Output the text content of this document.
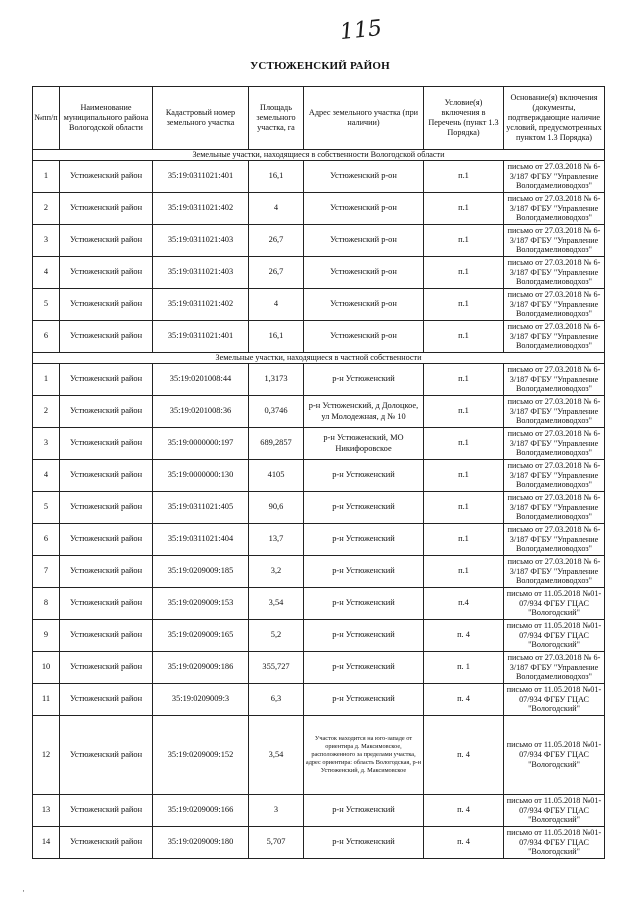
115
УСТЮЖЕНСКИЙ РАЙОН
№пп/п	Наименование муниципального района Вологодской области	Кадастровый номер земельного участка	Площадь земельного участка, га	Адрес земельного участка (при наличии)	Условие(я) включения в Перечень (пункт 1.3 Порядка)	Основание(я) включения (документы, подтверждающие наличие условий, предусмотренных пунктом 1.3 Порядка)
Земельные участки, находящиеся в собственности Вологодской области						
1	Устюженский район	35:19:0311021:401	16,1	Устюженский р-он	п.1	письмо от 27.03.2018 № 6-3/187 ФГБУ "Управление Вологдамелиоводхоз"
2	Устюженский район	35:19:0311021:402	4	Устюженский р-он	п.1	письмо от 27.03.2018 № 6-3/187 ФГБУ "Управление Вологдамелиоводхоз"
3	Устюженский район	35:19:0311021:403	26,7	Устюженский р-он	п.1	письмо от 27.03.2018 № 6-3/187 ФГБУ "Управление Вологдамелиоводхоз"
4	Устюженский район	35:19:0311021:403	26,7	Устюженский р-он	п.1	письмо от 27.03.2018 № 6-3/187 ФГБУ "Управление Вологдамелиоводхоз"
5	Устюженский район	35:19:0311021:402	4	Устюженский р-он	п.1	письмо от 27.03.2018 № 6-3/187 ФГБУ "Управление Вологдамелиоводхоз"
6	Устюженский район	35:19:0311021:401	16,1	Устюженский р-он	п.1	письмо от 27.03.2018 № 6-3/187 ФГБУ "Управление Вологдамелиоводхоз"
Земельные участки, находящиеся в частной собственности						
1	Устюженский район	35:19:0201008:44	1,3173	р-н Устюженский	п.1	письмо от 27.03.2018 № 6-3/187 ФГБУ "Управление Вологдамелиоводхоз"
2	Устюженский район	35:19:0201008:36	0,3746	р-н Устюженский, д Долоцкое, ул Молодежная, д № 10	п.1	письмо от 27.03.2018 № 6-3/187 ФГБУ "Управление Вологдамелиоводхоз"
3	Устюженский район	35:19:0000000:197	689,2857	р-н Устюженский, МО Никифоровское	п.1	письмо от 27.03.2018 № 6-3/187 ФГБУ "Управление Вологдамелиоводхоз"
4	Устюженский район	35:19:0000000:130	4105	р-н Устюженский	п.1	письмо от 27.03.2018 № 6-3/187 ФГБУ "Управление Вологдамелиоводхоз"
5	Устюженский район	35:19:0311021:405	90,6	р-н Устюженский	п.1	письмо от 27.03.2018 № 6-3/187 ФГБУ "Управление Вологдамелиоводхоз"
6	Устюженский район	35:19:0311021:404	13,7	р-н Устюженский	п.1	письмо от 27.03.2018 № 6-3/187 ФГБУ "Управление Вологдамелиоводхоз"
7	Устюженский район	35:19:0209009:185	3,2	р-н Устюженский	п.1	письмо от 27.03.2018 № 6-3/187 ФГБУ "Управление Вологдамелиоводхоз"
8	Устюженский район	35:19:0209009:153	3,54	р-н Устюженский	п.4	письмо от 11.05.2018 №01-07/934 ФГБУ ГЦАС "Вологодский"
9	Устюженский район	35:19:0209009:165	5,2	р-н Устюженский	п. 4	письмо от 11.05.2018 №01-07/934 ФГБУ ГЦАС "Вологодский"
10	Устюженский район	35:19:0209009:186	355,727	р-н Устюженский	п. 1	письмо от 27.03.2018 № 6-3/187 ФГБУ "Управление Вологдамелиоводхоз"
11	Устюженский район	35:19:0209009:3	6,3	р-н Устюженский	п. 4	письмо от 11.05.2018 №01-07/934 ФГБУ ГЦАС "Вологодский"
12	Устюженский район	35:19:0209009:152	3,54	Участок находится на юго-западе от ориентира д. Максимовское, расположенного за пределами участка, адрес ориентира: область Вологодская, р-н Устюженский, д. Максимовское	п. 4	письмо от 11.05.2018 №01-07/934 ФГБУ ГЦАС "Вологодский"
13	Устюженский район	35:19:0209009:166	3	р-н Устюженский	п. 4	письмо от 11.05.2018 №01-07/934 ФГБУ ГЦАС "Вологодский"
14	Устюженский район	35:19:0209009:180	5,707	р-н Устюженский	п. 4	письмо от 11.05.2018 №01-07/934 ФГБУ ГЦАС "Вологодский"
·
